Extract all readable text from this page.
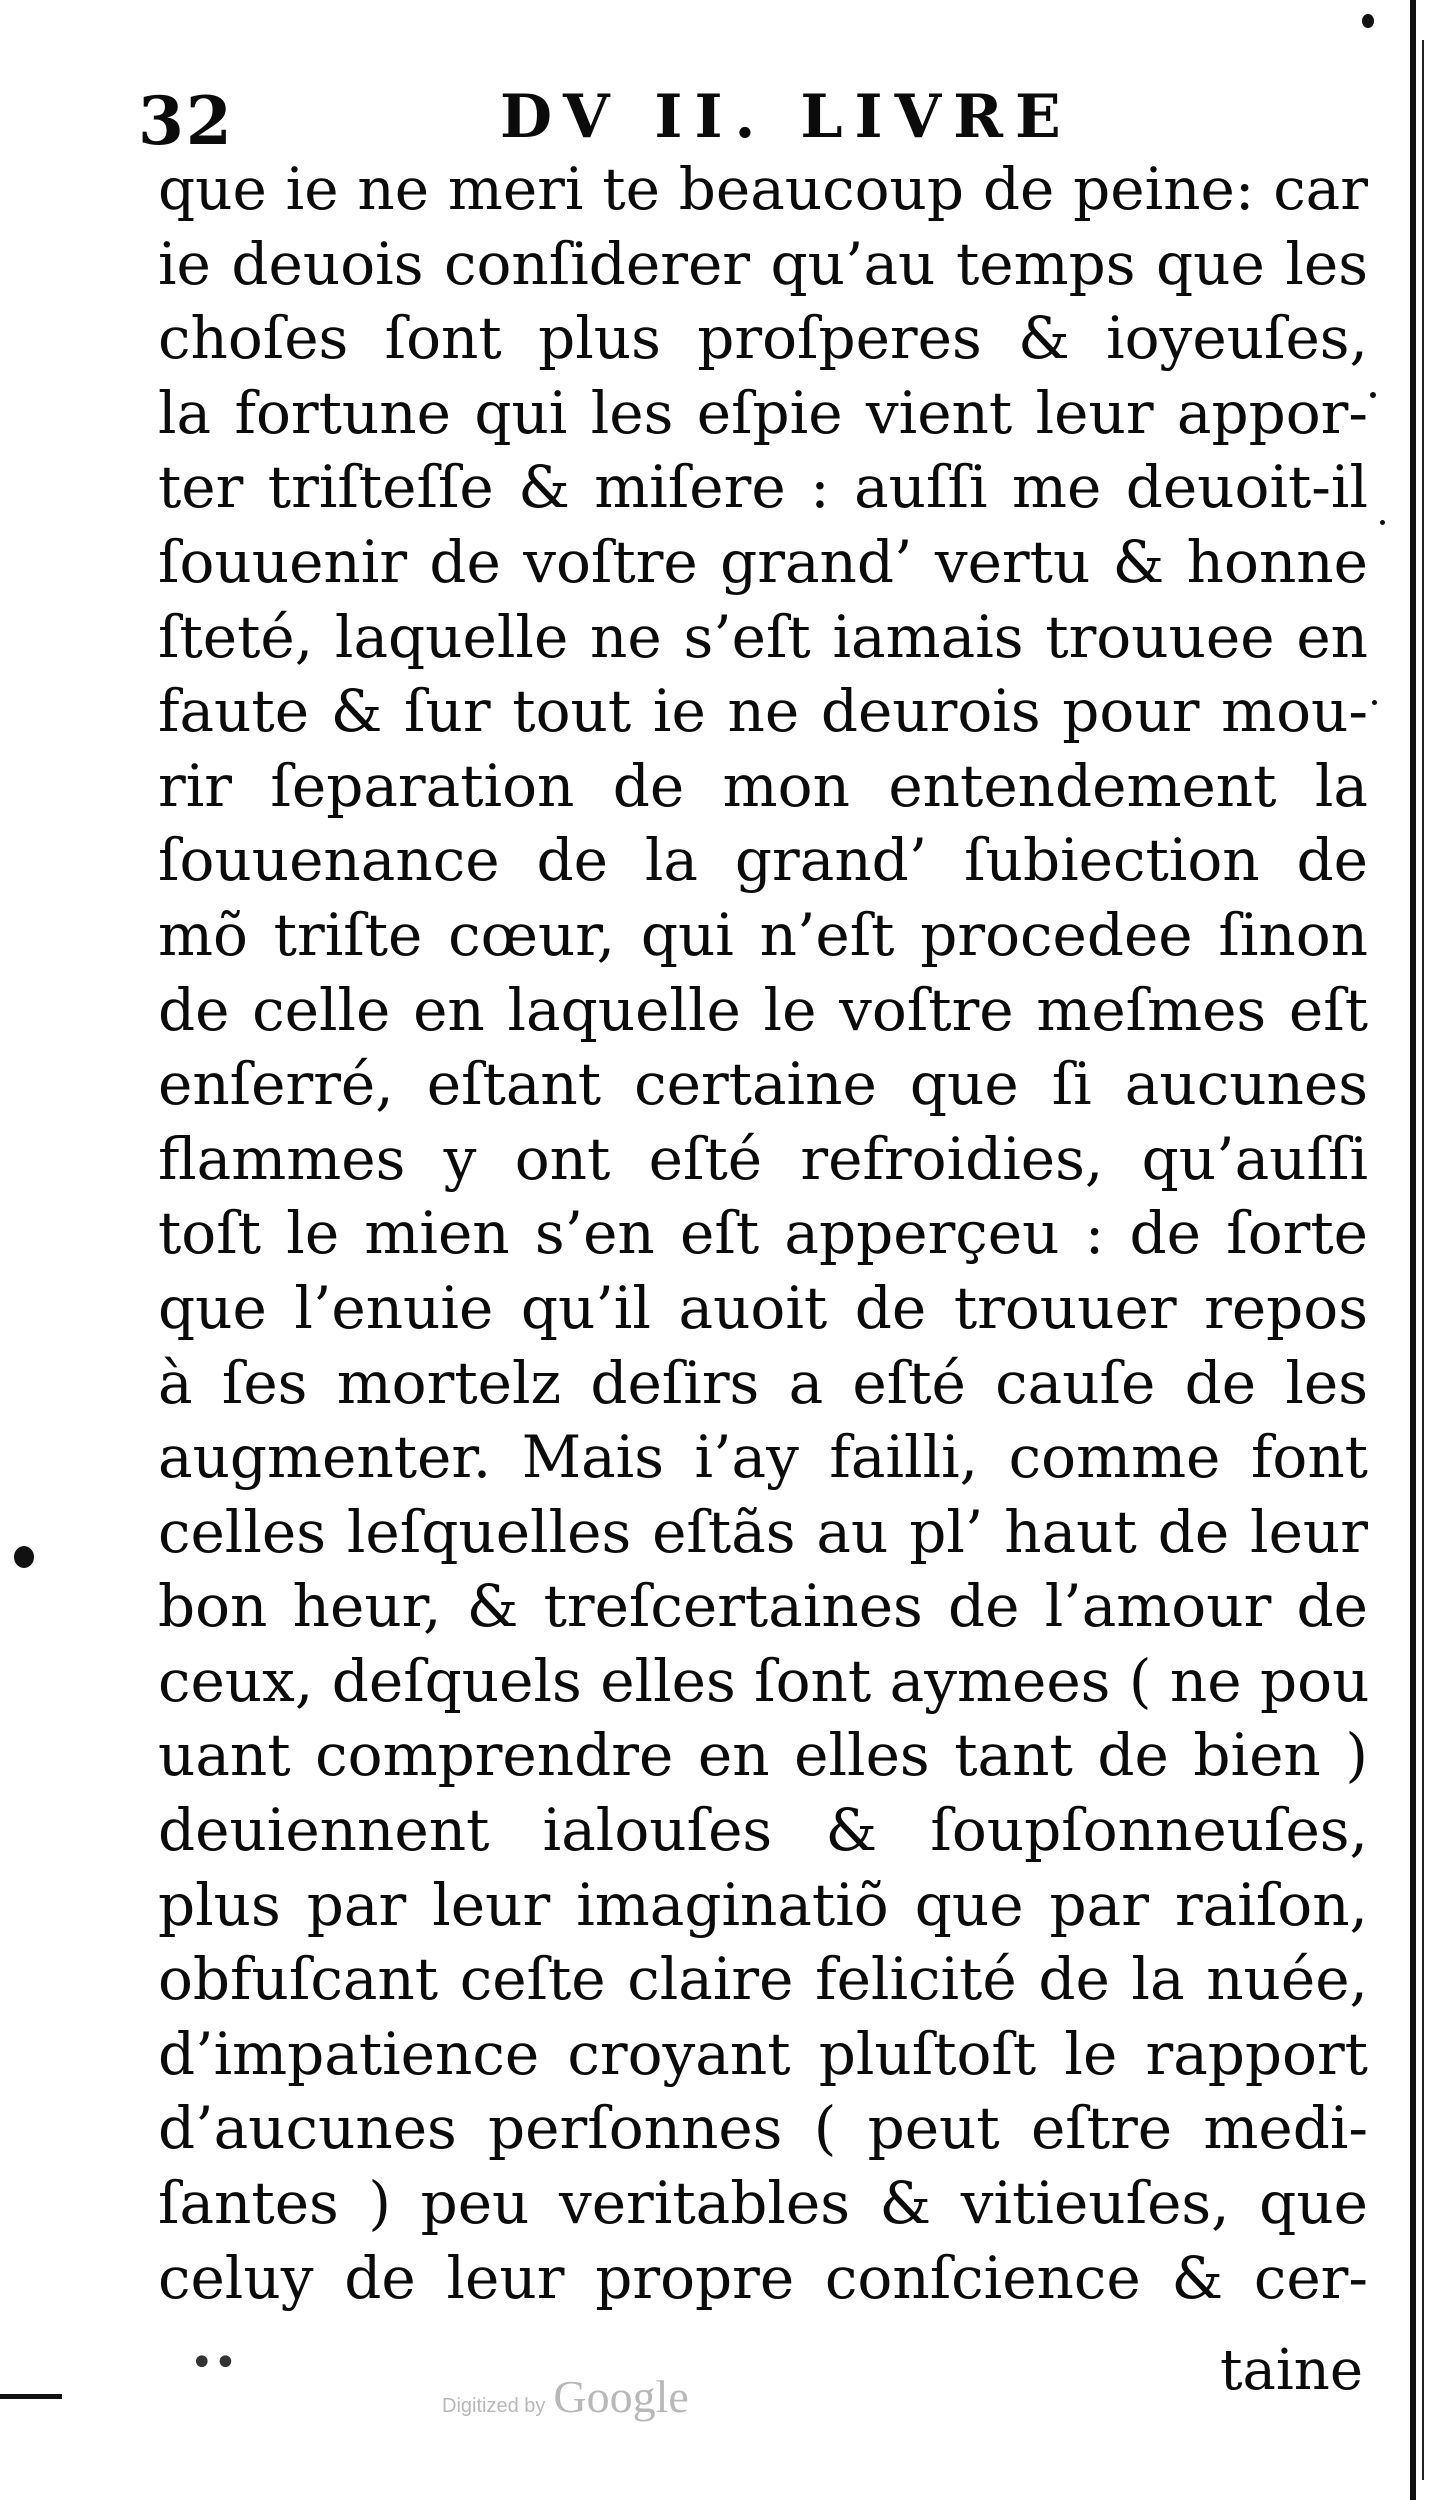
32	DV II. LIVRE
que ie ne meri te beaucoup de peine: car
ie deuois conſiderer qu’au temps que les
choſes ſont plus proſperes & ioyeuſes,
la fortune qui les eſpie vient leur appor-
ter triſteſſe & miſere : auſſi me deuoit-il
ſouuenir de voſtre grand’ vertu & honne
ſteté, laquelle ne s’eſt iamais trouuee en
faute & ſur tout ie ne deurois pour mou-
rir ſeparation de mon entendement la
ſouuenance de la grand’ ſubiection de
mõ triſte cœur, qui n’eſt procedee ſinon
de celle en laquelle le voſtre meſmes eſt
enſerré, eſtant certaine que ſi aucunes
flammes y ont eſté refroidies, qu’auſſi
toſt le mien s’en eſt apperçeu : de ſorte
que l’enuie qu’il auoit de trouuer repos
à ſes mortelz deſirs a eſté cauſe de les
augmenter. Mais i’ay failli, comme font
celles leſquelles eſtãs au pl’ haut de leur
bon heur, & treſcertaines de l’amour de
ceux, deſquels elles ſont aymees ( ne pou
uant comprendre en elles tant de bien )
deuiennent ialouſes & ſoupſonneuſes,
plus par leur imaginatiõ que par raiſon,
obfuſcant ceſte claire felicité de la nuée,
d’impatience croyant pluſtoſt le rapport
d’aucunes perſonnes ( peut eſtre medi-
ſantes ) peu veritables & vitieuſes, que
celuy de leur propre conſcience & cer-
••	taine
Digitized by Google
